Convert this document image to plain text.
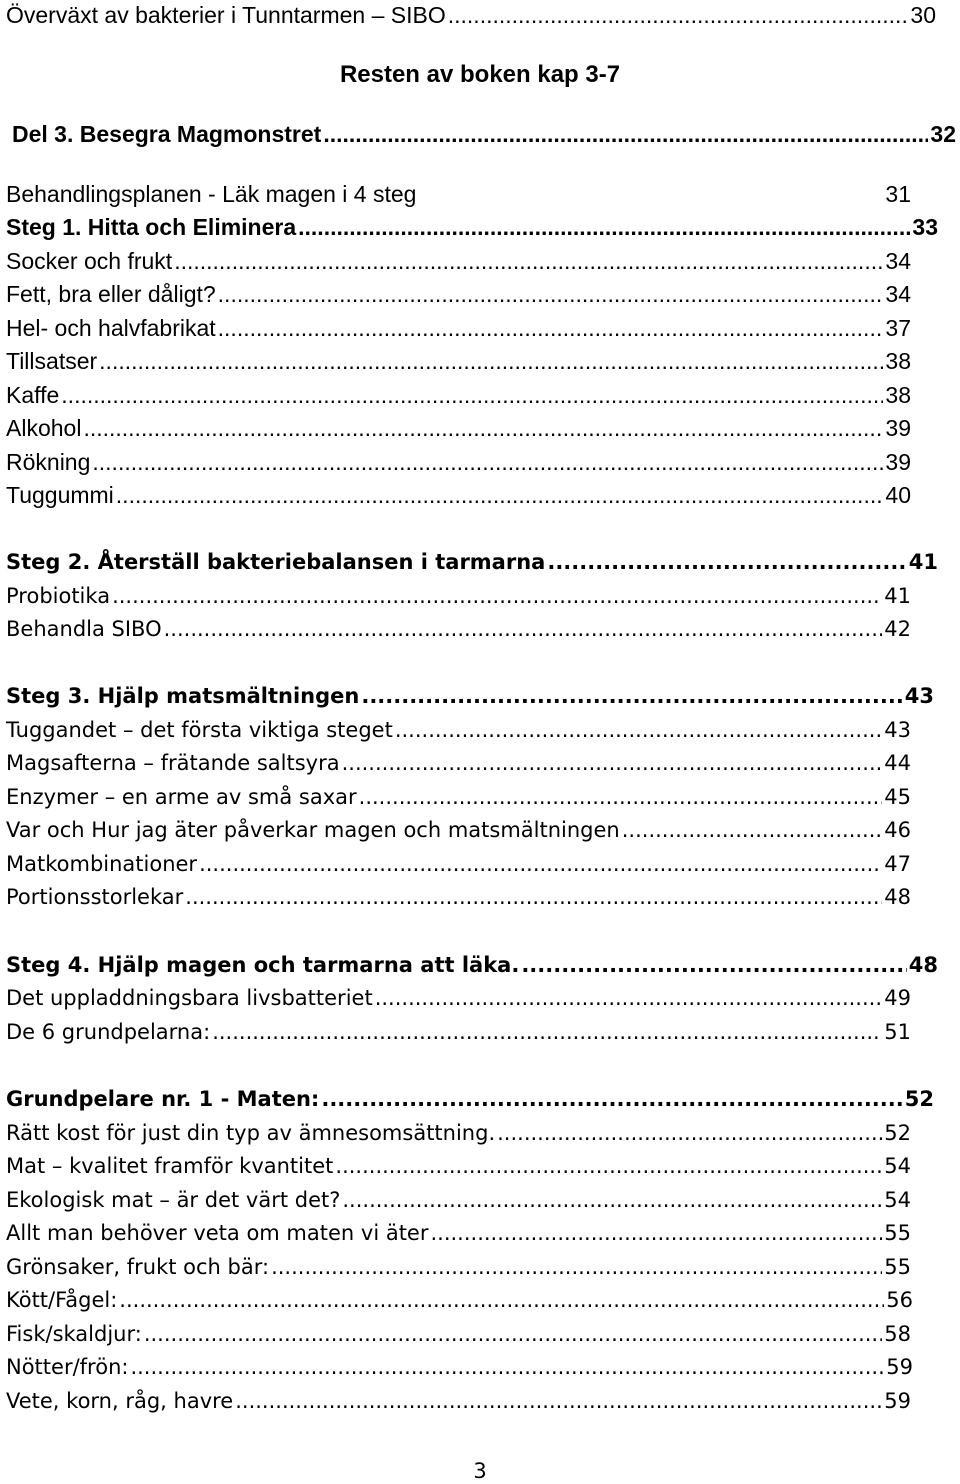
Överväxt av bakterier i Tunntarmen – SIBO .....	30
Resten av boken kap 3-7
Del 3. Besegra Magmonstret .....	32
Behandlingsplanen - Läk magen i 4 steg	31
Steg 1. Hitta och Eliminera .....	33
Socker och frukt .....	34
Fett, bra eller dåligt? .....	34
Hel- och halvfabrikat .....	37
Tillsatser .....	38
Kaffe .....	38
Alkohol .....	39
Rökning .....	39
Tuggummi .....	40
Steg 2. Återställ bakteriebalansen i tarmarna .....	41
Probiotika .....	41
Behandla SIBO .....	42
Steg 3. Hjälp matsmältningen .....	43
Tuggandet – det första viktiga steget .....	43
Magsafterna – frätande saltsyra .....	44
Enzymer – en arme av små saxar .....	45
Var och Hur jag äter påverkar magen och matsmältningen .....	46
Matkombinationer .....	47
Portionsstorlekar .....	48
Steg 4. Hjälp magen och tarmarna att läka. .....	48
Det uppladdningsbara livsbatteriet .....	49
De 6 grundpelarna: .....	51
Grundpelare nr. 1 - Maten: .....	52
Rätt kost för just din typ av ämnesomsättning. .....	52
Mat – kvalitet framför kvantitet .....	54
Ekologisk mat – är det värt det? .....	54
Allt man behöver veta om maten vi äter .....	55
Grönsaker, frukt och bär: .....	55
Kött/Fågel: .....	56
Fisk/skaldjur: .....	58
Nötter/frön: .....	59
Vete, korn, råg, havre .....	59
3
